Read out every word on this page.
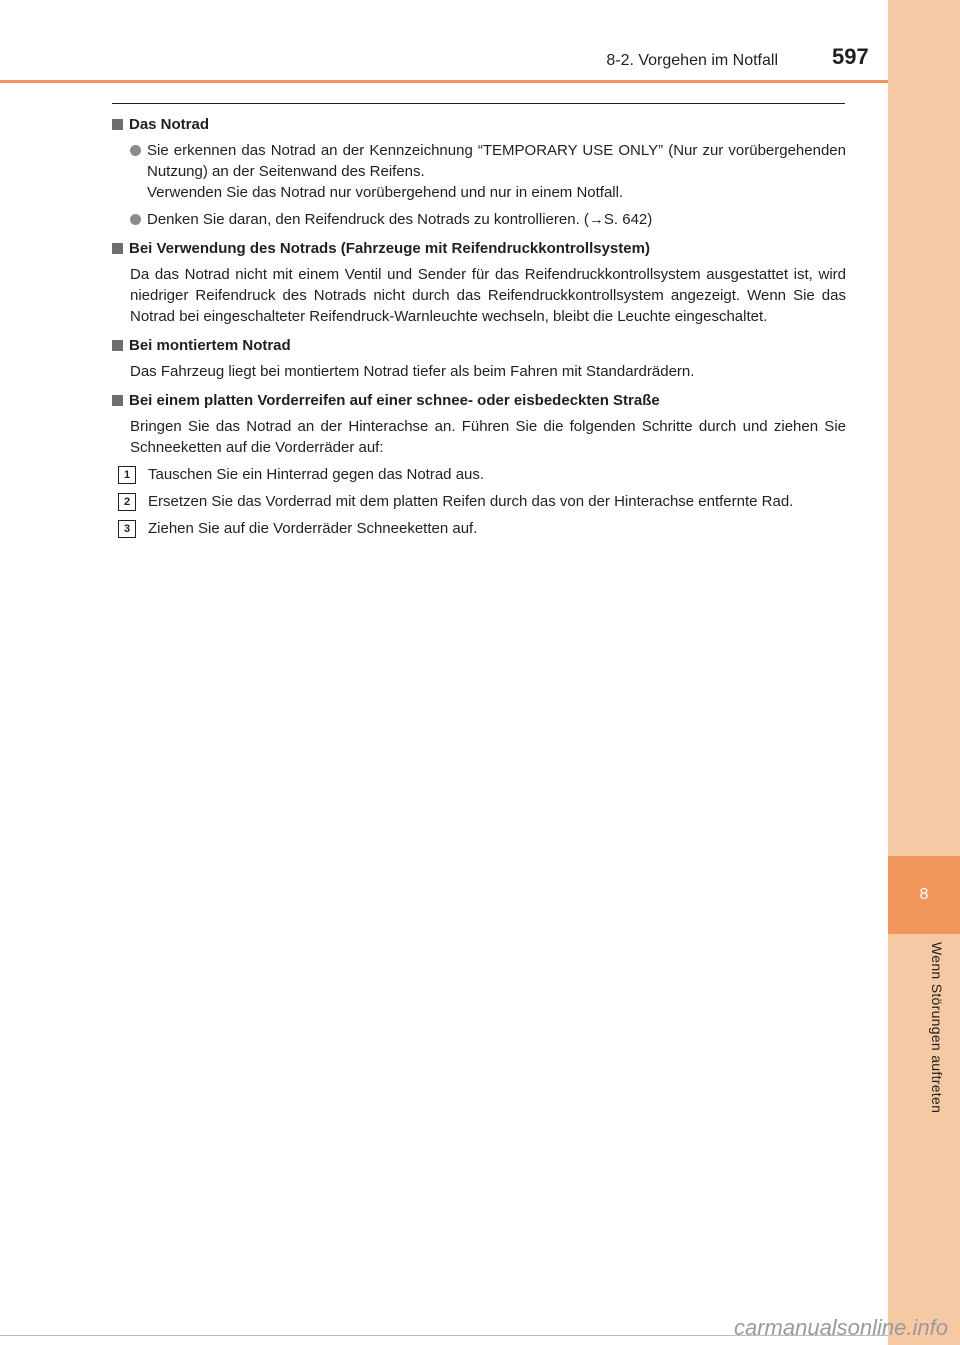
8
Wenn Störungen auftreten
8-2. Vorgehen im Notfall 597
Das Notrad
Sie erkennen das Notrad an der Kennzeichnung “TEMPORARY USE ONLY” (Nur zur vorübergehenden Nutzung) an der Seitenwand des Reifens.
Verwenden Sie das Notrad nur vorübergehend und nur in einem Notfall.
Denken Sie daran, den Reifendruck des Notrads zu kontrollieren. (→S. 642)
Bei Verwendung des Notrads (Fahrzeuge mit Reifendruckkontrollsystem)
Da das Notrad nicht mit einem Ventil und Sender für das Reifendruckkontrollsystem ausgestattet ist, wird niedriger Reifendruck des Notrads nicht durch das Reifendruckkontrollsystem angezeigt. Wenn Sie das Notrad bei eingeschalteter Reifendruck-Warnleuchte wechseln, bleibt die Leuchte eingeschaltet.
Bei montiertem Notrad
Das Fahrzeug liegt bei montiertem Notrad tiefer als beim Fahren mit Standardrädern.
Bei einem platten Vorderreifen auf einer schnee- oder eisbedeckten Straße
Bringen Sie das Notrad an der Hinterachse an. Führen Sie die folgenden Schritte durch und ziehen Sie Schneeketten auf die Vorderräder auf:
1	Tauschen Sie ein Hinterrad gegen das Notrad aus.
2	Ersetzen Sie das Vorderrad mit dem platten Reifen durch das von der Hinterachse entfernte Rad.
3	Ziehen Sie auf die Vorderräder Schneeketten auf.
carmanualsonline.info
